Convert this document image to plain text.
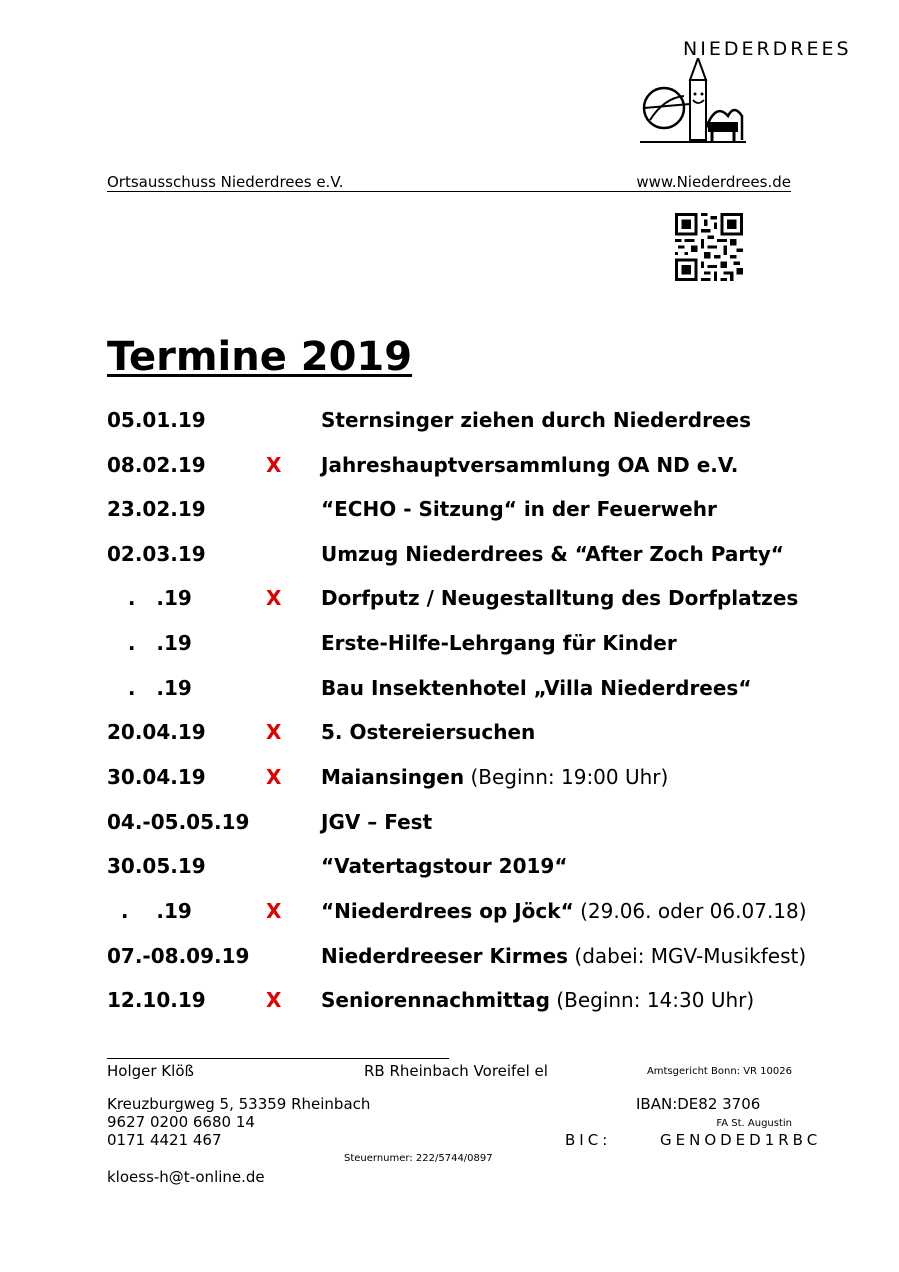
NIEDERDREES
Ortsausschuss Niederdrees e.V.	www.Niederdrees.de
Termine 2019
05.01.19	Sternsinger ziehen durch Niederdrees
08.02.19	X Jahreshauptversammlung OA ND e.V.
23.02.19	“ECHO - Sitzung“ in der Feuerwehr
02.03.19	Umzug Niederdrees & “After Zoch Party“
.   .19	X Dorfputz / Neugestalltung des Dorfplatzes
.   .19	Erste-Hilfe-Lehrgang für Kinder
.   .19	Bau Insektenhotel „Villa Niederdrees“
20.04.19	X 5. Ostereiersuchen
30.04.19	X Maiansingen (Beginn: 19:00 Uhr)
04.-05.05.19	JGV – Fest
30.05.19	“Vatertagstour 2019“
.    .19	X “Niederdrees op Jöck“ (29.06. oder 06.07.18)
07.-08.09.19	Niederdreeser Kirmes (dabei: MGV-Musikfest)
12.10.19	X Seniorennachmittag (Beginn: 14:30 Uhr)
Holger Klöß	RB Rheinbach Voreifel el	Amtsgericht Bonn: VR 10026
Kreuzburgweg 5, 53359 Rheinbach	IBAN:DE82 3706
9627 0200 6680 14	FA St. Augustin
0171 4421 467	BIC:	GENODED1RBC
Steuernumer: 222/5744/0897
kloess-h@t-online.de
